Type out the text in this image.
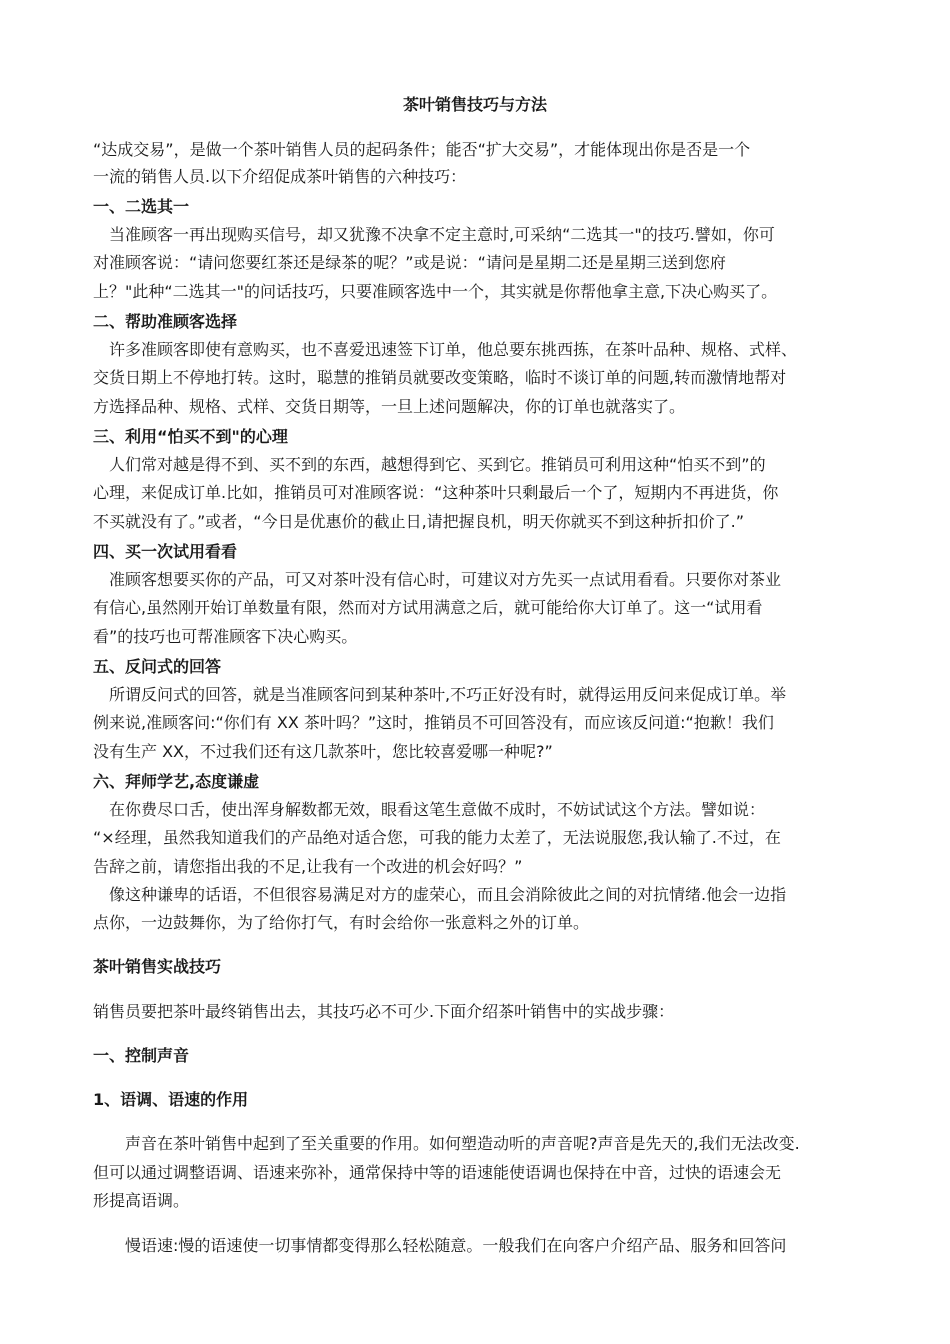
茶叶销售技巧与方法
“达成交易”，是做一个茶叶销售人员的起码条件；能否“扩大交易”，才能体现出你是否是一个
一流的销售人员.以下介绍促成茶叶销售的六种技巧：
一、二选其一
　当准顾客一再出现购买信号，却又犹豫不决拿不定主意时,可采纳“二选其一"的技巧.譬如，你可
对准顾客说：“请问您要红茶还是绿茶的呢？”或是说：“请问是星期二还是星期三送到您府
上？"此种“二选其一"的问话技巧，只要准顾客选中一个，其实就是你帮他拿主意,下决心购买了。
二、帮助准顾客选择
　许多准顾客即使有意购买，也不喜爱迅速签下订单，他总要东挑西拣，在茶叶品种、规格、式样、
交货日期上不停地打转。这时，聪慧的推销员就要改变策略，临时不谈订单的问题,转而激情地帮对
方选择品种、规格、式样、交货日期等，一旦上述问题解决，你的订单也就落实了。
三、利用“怕买不到"的心理
　人们常对越是得不到、买不到的东西，越想得到它、买到它。推销员可利用这种“怕买不到”的
心理，来促成订单.比如，推销员可对准顾客说：“这种茶叶只剩最后一个了，短期内不再进货，你
不买就没有了。”或者，“今日是优惠价的截止日,请把握良机，明天你就买不到这种折扣价了.”
四、买一次试用看看
　准顾客想要买你的产品，可又对茶叶没有信心时，可建议对方先买一点试用看看。只要你对茶业
有信心,虽然刚开始订单数量有限，然而对方试用满意之后，就可能给你大订单了。这一“试用看
看”的技巧也可帮准顾客下决心购买。
五、反问式的回答
　所谓反问式的回答，就是当准顾客问到某种茶叶,不巧正好没有时，就得运用反问来促成订单。举
例来说,准顾客问:“你们有 XX 茶叶吗？”这时，推销员不可回答没有，而应该反问道:“抱歉！我们
没有生产 XX，不过我们还有这几款茶叶，您比较喜爱哪一种呢?”
六、拜师学艺,态度谦虚
　在你费尽口舌，使出浑身解数都无效，眼看这笔生意做不成时，不妨试试这个方法。譬如说：
“×经理，虽然我知道我们的产品绝对适合您，可我的能力太差了，无法说服您,我认输了.不过，在
告辞之前，请您指出我的不足,让我有一个改进的机会好吗？”
　像这种谦卑的话语，不但很容易满足对方的虚荣心，而且会消除彼此之间的对抗情绪.他会一边指
点你，一边鼓舞你，为了给你打气，有时会给你一张意料之外的订单。
茶叶销售实战技巧
销售员要把茶叶最终销售出去，其技巧必不可少.下面介绍茶叶销售中的实战步骤：
一、控制声音
1、语调、语速的作用
　　声音在茶叶销售中起到了至关重要的作用。如何塑造动听的声音呢?声音是先天的,我们无法改变.
但可以通过调整语调、语速来弥补，通常保持中等的语速能使语调也保持在中音，过快的语速会无
形提高语调。
　　慢语速:慢的语速使一切事情都变得那么轻松随意。一般我们在向客户介绍产品、服务和回答问
